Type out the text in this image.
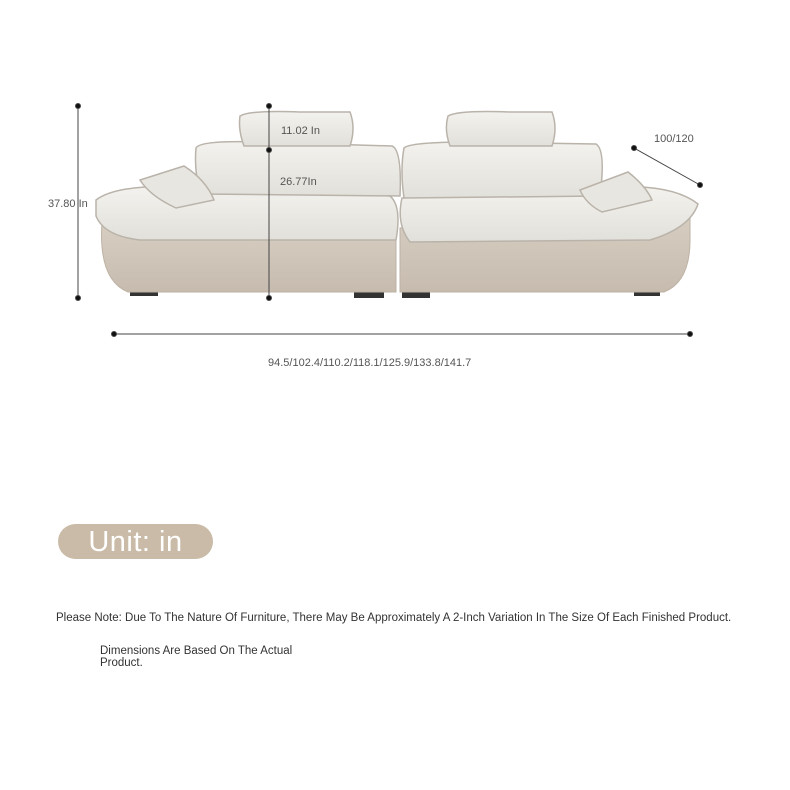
37.80 In
11.02 In
26.77In
100/120
94.5/102.4/110.2/118.1/125.9/133.8/141.7
Unit: in
Please Note: Due To The Nature Of Furniture, There May Be Approximately A 2-Inch Variation In The Size Of Each Finished Product.
Dimensions Are Based On The Actual Product.
